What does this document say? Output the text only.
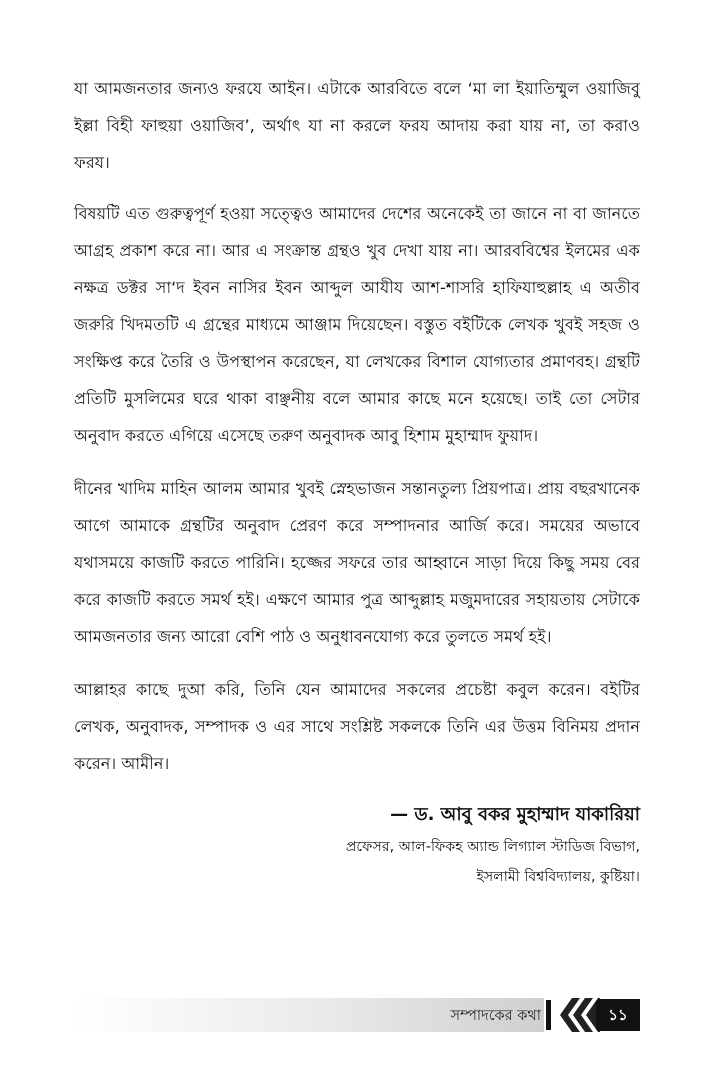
যা আমজনতার জন্যও ফরযে আইন। এটাকে আরবিতে বলে ‘মা লা ইয়াতিম্মুল ওয়াজিবু ইল্লা বিহী ফাহুয়া ওয়াজিব’, অর্থাৎ যা না করলে ফরয আদায় করা যায় না, তা করাও ফরয।

বিষয়টি এত গুরুত্বপূর্ণ হওয়া সত্ত্বেও আমাদের দেশের অনেকেই তা জানে না বা জানতে আগ্রহ প্রকাশ করে না। আর এ সংক্রান্ত গ্রন্থও খুব দেখা যায় না। আরববিশ্বের ইলমের এক নক্ষত্র ডক্টর সা‘দ ইবন নাসির ইবন আব্দুল আযীয আশ-শাসরি হাফিযাহুল্লাহ এ অতীব জরুরি খিদমতটি এ গ্রন্থের মাধ্যমে আঞ্জাম দিয়েছেন। বস্তুত বইটিকে লেখক খুবই সহজ ও সংক্ষিপ্ত করে তৈরি ও উপস্থাপন করেছেন, যা লেখকের বিশাল যোগ্যতার প্রমাণবহ। গ্রন্থটি প্রতিটি মুসলিমের ঘরে থাকা বাঞ্ছনীয় বলে আমার কাছে মনে হয়েছে। তাই তো সেটার অনুবাদ করতে এগিয়ে এসেছে তরুণ অনুবাদক আবু হিশাম মুহাম্মাদ ফুয়াদ।

দীনের খাদিম মাহিন আলম আমার খুবই স্নেহভাজন সন্তানতুল্য প্রিয়পাত্র। প্রায় বছরখানেক আগে আমাকে গ্রন্থটির অনুবাদ প্রেরণ করে সম্পাদনার আর্জি করে। সময়ের অভাবে যথাসময়ে কাজটি করতে পারিনি। হজ্জের সফরে তার আহ্বানে সাড়া দিয়ে কিছু সময় বের করে কাজটি করতে সমর্থ হই। এক্ষণে আমার পুত্র আব্দুল্লাহ মজুমদারের সহায়তায় সেটাকে আমজনতার জন্য আরো বেশি পাঠ ও অনুধাবনযোগ্য করে তুলতে সমর্থ হই।

আল্লাহর কাছে দুআ করি, তিনি যেন আমাদের সকলের প্রচেষ্টা কবুল করেন। বইটির লেখক, অনুবাদক, সম্পাদক ও এর সাথে সংশ্লিষ্ট সকলকে তিনি এর উত্তম বিনিময় প্রদান করেন। আমীন।

— ড. আবু বকর মুহাম্মাদ যাকারিয়া
প্রফেসর, আল-ফিকহ অ্যান্ড লিগ্যাল স্টাডিজ বিভাগ,
ইসলামী বিশ্ববিদ্যালয়, কুষ্টিয়া।
সম্পাদকের কথা	১১
